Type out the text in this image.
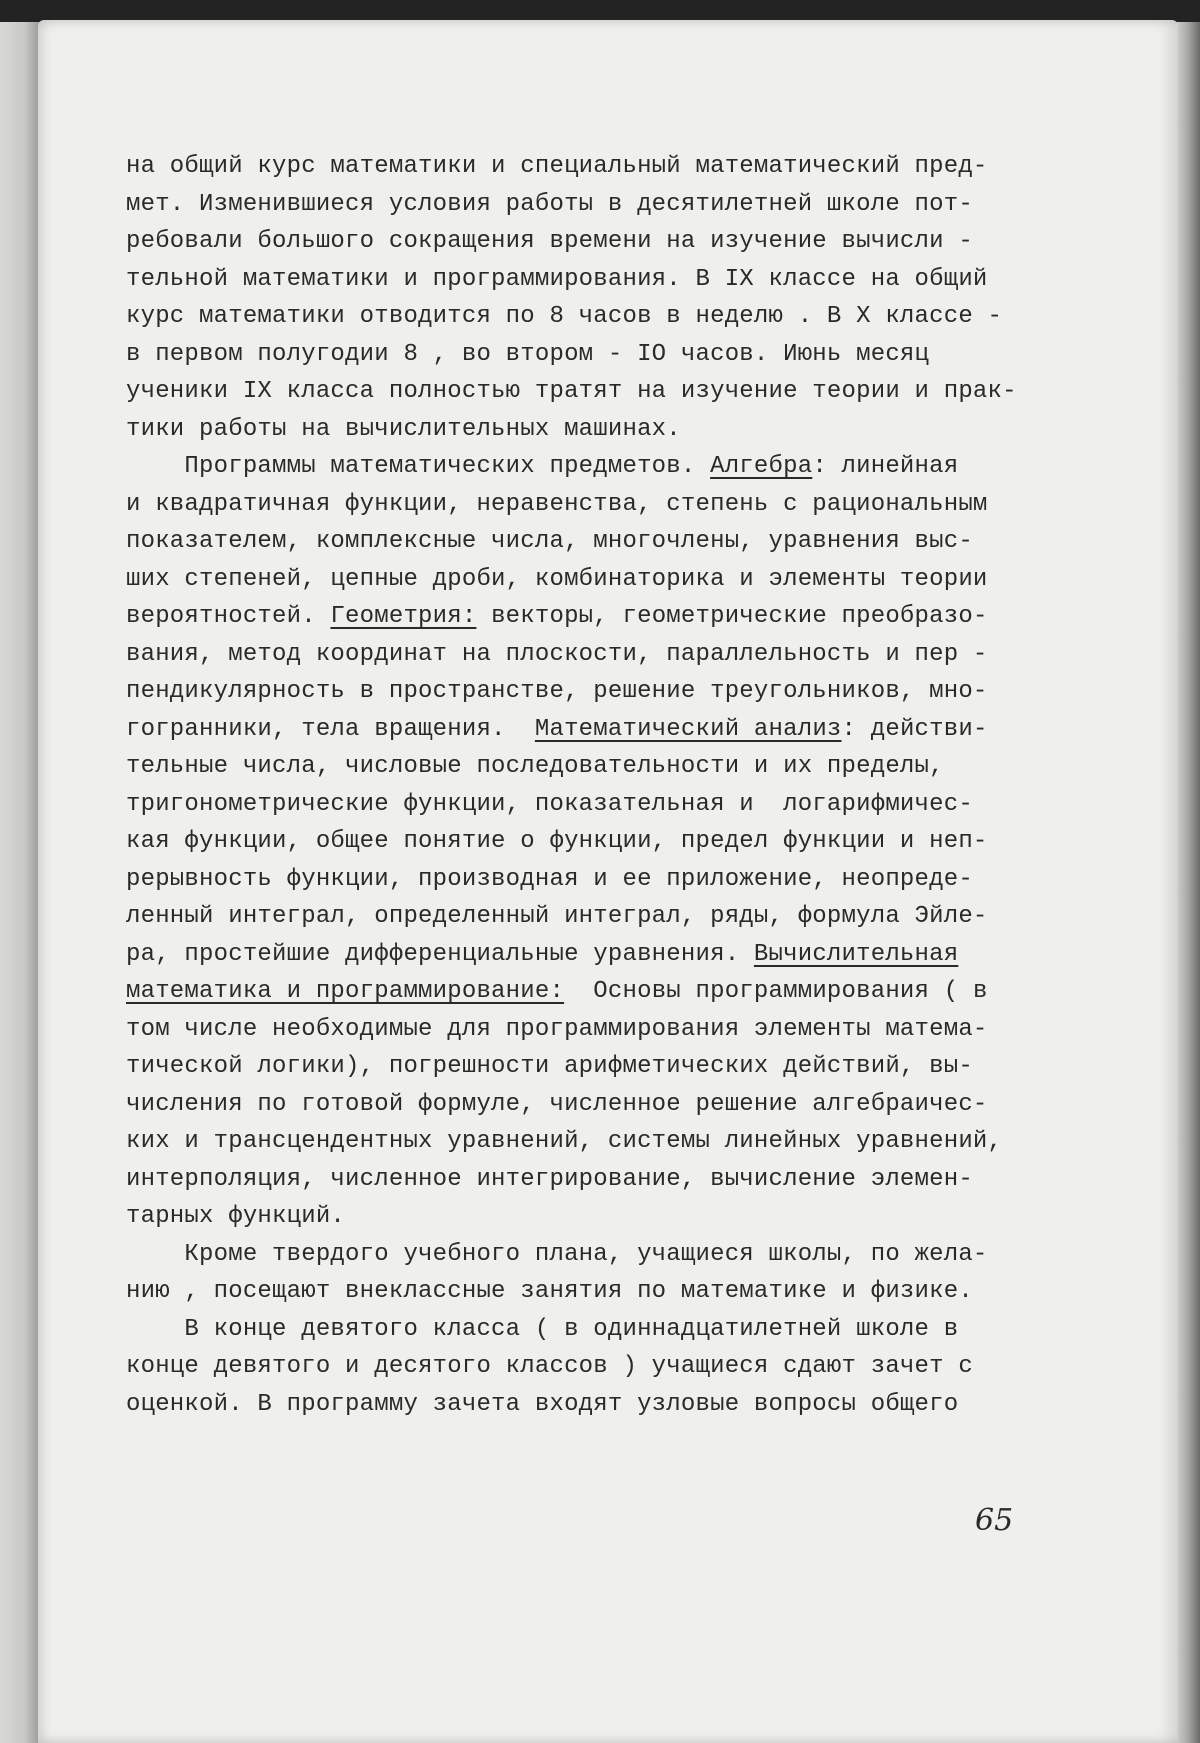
на общий курс математики и специальный математический пред-
мет. Изменившиеся условия работы в десятилетней школе пот-
ребовали большого сокращения времени на изучение вычисли -
тельной математики и программирования. В IX классе на общий
курс математики отводится по 8 часов в неделю . В X классе -
в первом полугодии 8 , во втором - IO часов. Июнь месяц
ученики IX класса полностью тратят на изучение теории и прак-
тики работы на вычислительных машинах.
Программы математических предметов. Алгебра: линейная
и квадратичная функции, неравенства, степень с рациональным
показателем, комплексные числа, многочлены, уравнения выс-
ших степеней, цепные дроби, комбинаторика и элементы теории
вероятностей. Геометрия: векторы, геометрические преобразо-
вания, метод координат на плоскости, параллельность и пер -
пендикулярность в пространстве, решение треугольников, мно-
гогранники, тела вращения.  Математический анализ: действи-
тельные числа, числовые последовательности и их пределы,
тригонометрические функции, показательная и  логарифмичес-
кая функции, общее понятие о функции, предел функции и неп-
рерывность функции, производная и ее приложение, неопреде-
ленный интеграл, определенный интеграл, ряды, формула Эйле-
ра, простейшие дифференциальные уравнения. Вычислительная
математика и программирование:  Основы программирования ( в
том числе необходимые для программирования элементы матема-
тической логики), погрешности арифметических действий, вы-
числения по готовой формуле, численное решение алгебраичес-
ких и трансцендентных уравнений, системы линейных уравнений,
интерполяция, численное интегрирование, вычисление элемен-
тарных функций.
Кроме твердого учебного плана, учащиеся школы, по жела-
нию , посещают внеклассные занятия по математике и физике.
В конце девятого класса ( в одиннадцатилетней школе в
конце девятого и десятого классов ) учащиеся сдают зачет с
оценкой. В программу зачета входят узловые вопросы общего
65
